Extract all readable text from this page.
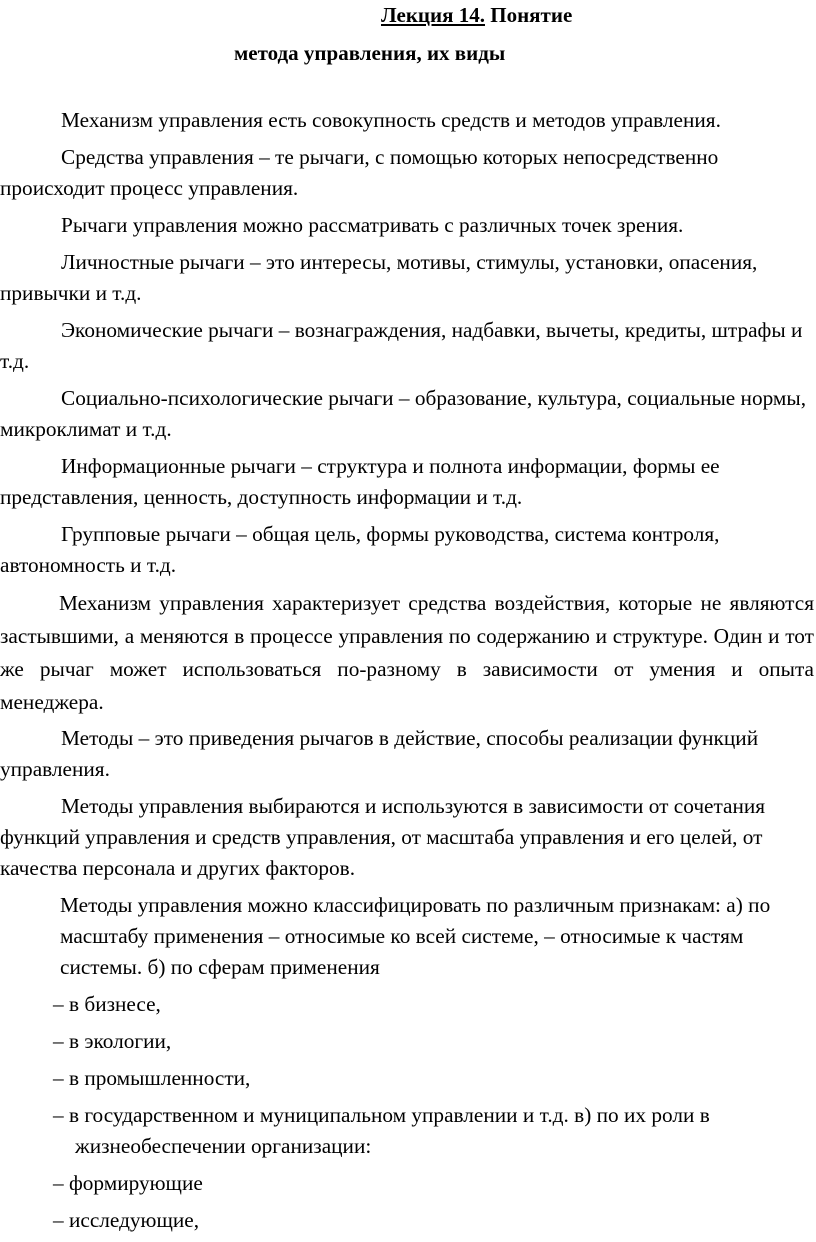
Лекция 14. Понятие
метода управления, их виды

Механизм управления есть совокупность средств и методов управления.

Средства управления – те рычаги, с помощью которых непосредственно происходит процесс управления.

Рычаги управления можно рассматривать с различных точек зрения.

Личностные рычаги – это интересы, мотивы, стимулы, установки, опасения, привычки и т.д.

Экономические рычаги – вознаграждения, надбавки, вычеты, кредиты, штрафы и т.д.

Социально-психологические рычаги – образование, культура, социальные нормы, микроклимат и т.д.

Информационные рычаги – структура и полнота информации, формы ее представления, ценность, доступность информации и т.д.

Групповые рычаги – общая цель, формы руководства, система контроля, автономность и т.д.

Механизм управления характеризует средства воздействия, которые не являются застывшими, а меняются в процессе управления по содержанию и структуре. Один и тот же рычаг может использоваться по-разному в зависимости от умения и опыта менеджера.

Методы – это приведения рычагов в действие, способы реализации функций управления.

Методы управления выбираются и используются в зависимости от сочетания функций управления и средств управления, от масштаба управления и его целей, от качества персонала и других факторов.

Методы управления можно классифицировать по различным признакам: а) по масштабу применения – относимые ко всей системе, – относимые к частям системы. б) по сферам применения
– в бизнесе,
– в экологии,
– в промышленности,
– в государственном и муниципальном управлении и т.д. в) по их роли в жизнеобеспечении организации:
– формирующие
– исследующие,
